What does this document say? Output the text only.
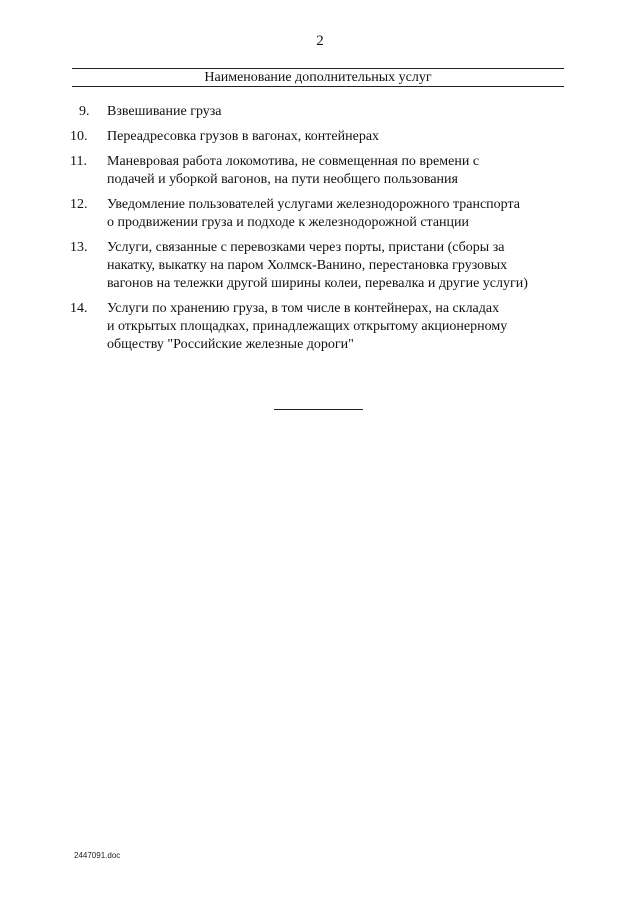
2
Наименование дополнительных услуг
9.	Взвешивание груза
10.	Переадресовка грузов в вагонах, контейнерах
11.	Маневровая работа локомотива, не совмещенная по времени с
подачей и уборкой вагонов, на пути необщего пользования
12.	Уведомление пользователей услугами железнодорожного транспорта
о продвижении груза и подходе к железнодорожной станции
13.	Услуги, связанные с перевозками через порты, пристани (сборы за
накатку, выкатку на паром Холмск-Ванино, перестановка грузовых
вагонов на тележки другой ширины колеи, перевалка и другие услуги)
14.	Услуги по хранению груза, в том числе в контейнерах, на складах
и открытых площадках, принадлежащих открытому акционерному
обществу "Российские железные дороги"
2447091.doc
